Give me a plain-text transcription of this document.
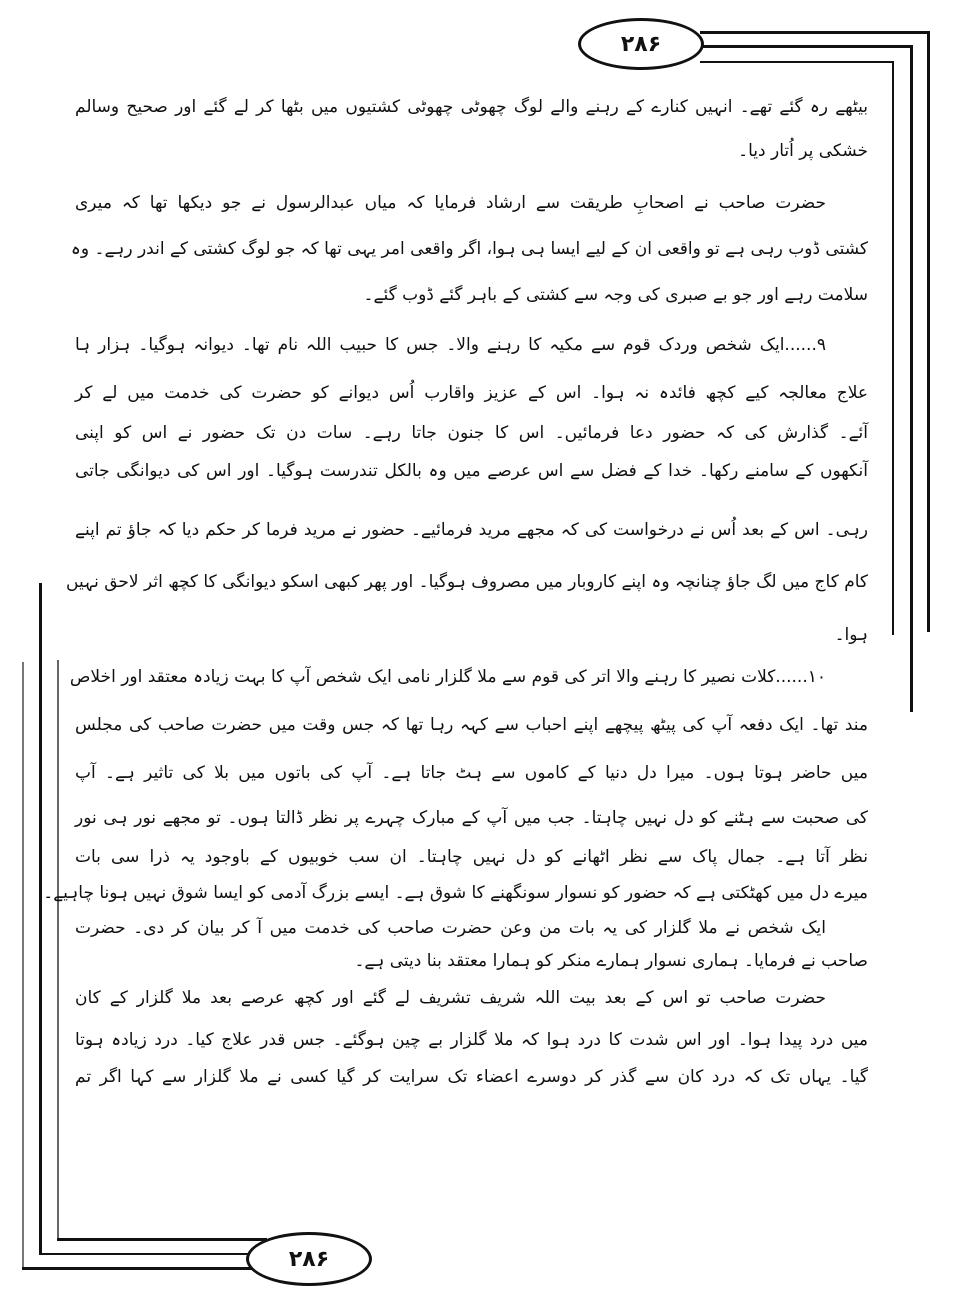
۲۸۶
۲۸۶
بیٹھے رہ گئے تھے۔ انہیں کنارے کے رہنے والے لوگ چھوٹی چھوٹی کشتیوں میں بٹھا کر لے گئے اور صحیح وسالم
خشکی پر اُتار دیا۔
حضرت صاحب نے اصحابِ طریقت سے ارشاد فرمایا کہ میاں عبدالرسول نے جو دیکھا تھا کہ میری
کشتی ڈوب رہی ہے تو واقعی ان کے لیے ایسا ہی ہوا، اگر واقعی امر یہی تھا کہ جو لوگ کشتی کے اندر رہے۔ وہ
سلامت رہے اور جو بے صبری کی وجہ سے کشتی کے باہر گئے ڈوب گئے۔
۹......ایک شخص وردک قوم سے مکیہ کا رہنے والا۔ جس کا حبیب اللہ نام تھا۔ دیوانہ ہوگیا۔ ہزار ہا
علاج معالجہ کیے کچھ فائدہ نہ ہوا۔ اس کے عزیز واقارب اُس دیوانے کو حضرت کی خدمت میں لے کر
آئے۔ گذارش کی کہ حضور دعا فرمائیں۔ اس کا جنون جاتا رہے۔ سات دن تک حضور نے اس کو اپنی
آنکھوں کے سامنے رکھا۔ خدا کے فضل سے اس عرصے میں وہ بالکل تندرست ہوگیا۔ اور اس کی دیوانگی جاتی
رہی۔ اس کے بعد اُس نے درخواست کی کہ مجھے مرید فرمائیے۔ حضور نے مرید فرما کر حکم دیا کہ جاؤ تم اپنے
کام کاج میں لگ جاؤ چنانچہ وہ اپنے کاروبار میں مصروف ہوگیا۔ اور پھر کبھی اسکو دیوانگی کا کچھ اثر لاحق نہیں
ہوا۔
۱۰......کلات نصیر کا رہنے والا اتر کی قوم سے ملا گلزار نامی ایک شخص آپ کا بہت زیادہ معتقد اور اخلاص
مند تھا۔ ایک دفعہ آپ کی پیٹھ پیچھے اپنے احباب سے کہہ رہا تھا کہ جس وقت میں حضرت صاحب کی مجلس
میں حاضر ہوتا ہوں۔ میرا دل دنیا کے کاموں سے ہٹ جاتا ہے۔ آپ کی باتوں میں بلا کی تاثیر ہے۔ آپ
کی صحبت سے ہٹنے کو دل نہیں چاہتا۔ جب میں آپ کے مبارک چہرے پر نظر ڈالتا ہوں۔ تو مجھے نور ہی نور
نظر آتا ہے۔ جمال پاک سے نظر اٹھانے کو دل نہیں چاہتا۔ ان سب خوبیوں کے باوجود یہ ذرا سی بات
میرے دل میں کھٹکتی ہے کہ حضور کو نسوار سونگھنے کا شوق ہے۔ ایسے بزرگ آدمی کو ایسا شوق نہیں ہونا چاہیے۔
ایک شخص نے ملا گلزار کی یہ بات من وعن حضرت صاحب کی خدمت میں آ کر بیان کر دی۔ حضرت
صاحب نے فرمایا۔ ہماری نسوار ہمارے منکر کو ہمارا معتقد بنا دیتی ہے۔
حضرت صاحب تو اس کے بعد بیت اللہ شریف تشریف لے گئے اور کچھ عرصے بعد ملا گلزار کے کان
میں درد پیدا ہوا۔ اور اس شدت کا درد ہوا کہ ملا گلزار بے چین ہوگئے۔ جس قدر علاج کیا۔ درد زیادہ ہوتا
گیا۔ یہاں تک کہ درد کان سے گذر کر دوسرے اعضاء تک سرایت کر گیا کسی نے ملا گلزار سے کہا اگر تم
